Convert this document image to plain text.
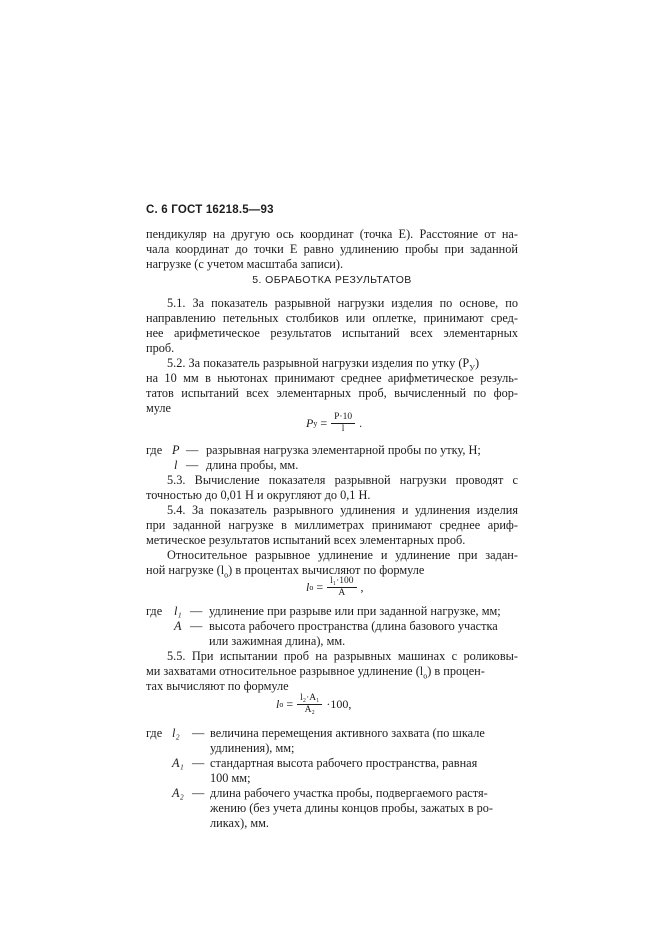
С. 6 ГОСТ 16218.5—93
пендикуляр на другую ось координат (точка E). Расстояние от на-
чала координат до точки E равно удлинению пробы при заданной
нагрузке (с учетом масштаба записи).
5. ОБРАБОТКА РЕЗУЛЬТАТОВ
5.1. За показатель разрывной нагрузки изделия по основе, по
направлению петельных столбиков или оплетке, принимают сред-
нее арифметическое результатов испытаний всех элементарных
проб.
5.2. За показатель разрывной нагрузки изделия по утку $(P_У)$
на 10 мм в ньютонах принимают среднее арифметическое резуль-
татов испытаний всех элементарных проб, вычисленный по фор-
муле
P $у = \frac{P\cdot 10}{l}$ .
где P — разрывная нагрузка элементарной пробы по утку, Н;
l — длина пробы, мм.
5.3. Вычисление показателя разрывной нагрузки проводят с
точностью до 0,01 Н и округляют до 0,1 Н.
5.4. За показатель разрывного удлинения и удлинения изделия
при заданной нагрузке в миллиметрах принимают среднее ариф-
метическое результатов испытаний всех элементарных проб.
Относительное разрывное удлинение и удлинение при задан-
ной нагрузке $(l_о)$ в процентах вычисляют по формуле
l $о = \frac{\text{l₁·100}}{A}$ ,
где l₁ — удлинение при разрыве или при заданной нагрузке, мм;
A — высота рабочего пространства (длина базового участка
или зажимная длина), мм.
5.5. При испытании проб на разрывных машинах с роликовы-
ми захватами относительное разрывное удлинение $(l_о)$ в процен-
тах вычисляют по формуле
l $о = \frac{\text{l₂·A₁}}{\text{A₂}} \cdot 100$,
где l₂ — величина перемещения активного захвата (по шкале
удлинения), мм;
A₁ — стандартная высота рабочего пространства, равная
100 мм;
A₂ — длина рабочего участка пробы, подвергаемого растя-
жению (без учета длины концов пробы, зажатых в ро-
ликах), мм.
